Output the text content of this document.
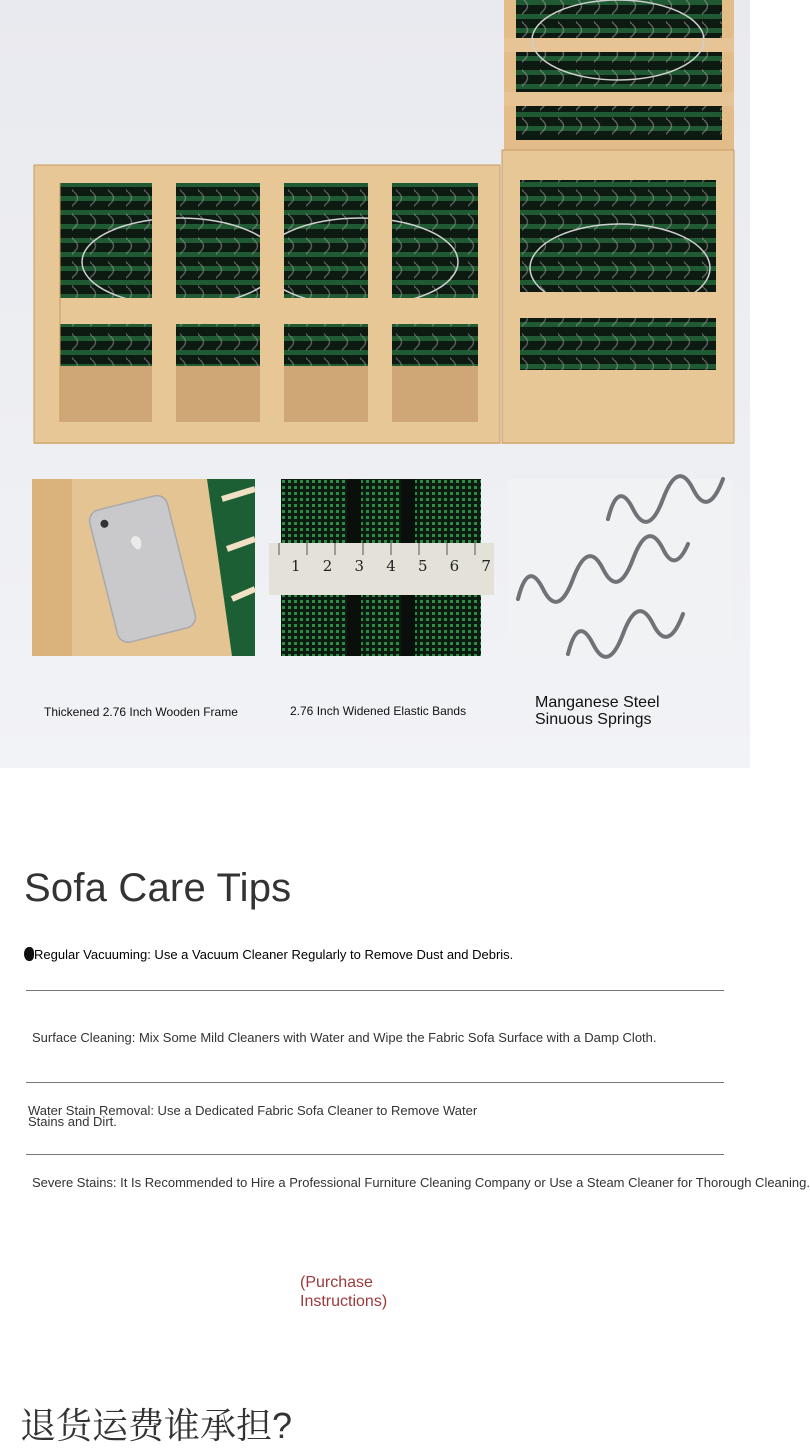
1 2 3 4 5 6 7
Thickened 2.76 Inch Wooden Frame	2.76 Inch Widened Elastic Bands	Manganese Steel
Sinuous Springs
Sofa Care Tips
Regular Vacuuming: Use a Vacuum Cleaner Regularly to Remove Dust and Debris.
Surface Cleaning: Mix Some Mild Cleaners with Water and Wipe the Fabric Sofa Surface with a Damp Cloth.
Water Stain Removal: Use a Dedicated Fabric Sofa Cleaner to Remove Water Stains and Dirt.
Severe Stains: It Is Recommended to Hire a Professional Furniture Cleaning Company or Use a Steam Cleaner for Thorough Cleaning.
(Purchase Instructions)
退货运费谁承担?
